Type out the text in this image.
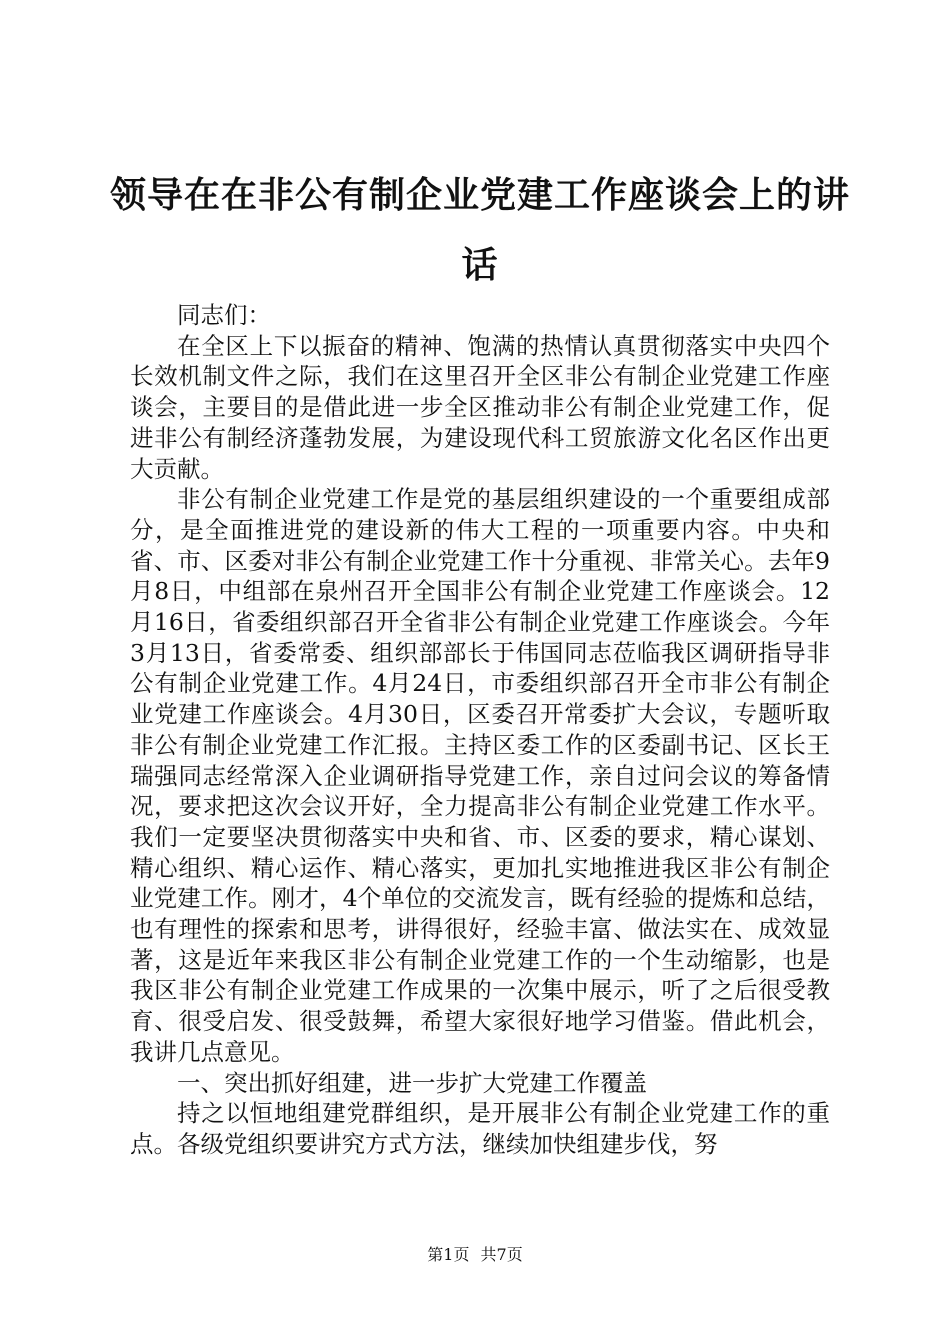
领导在在非公有制企业党建工作座谈会上的讲话

同志们：

在全区上下以振奋的精神、饱满的热情认真贯彻落实中央四个长效机制文件之际，我们在这里召开全区非公有制企业党建工作座谈会，主要目的是借此进一步全区推动非公有制企业党建工作，促进非公有制经济蓬勃发展，为建设现代科工贸旅游文化名区作出更大贡献。

非公有制企业党建工作是党的基层组织建设的一个重要组成部分，是全面推进党的建设新的伟大工程的一项重要内容。中央和省、市、区委对非公有制企业党建工作十分重视、非常关心。去年9月8日，中组部在泉州召开全国非公有制企业党建工作座谈会。12月16日，省委组织部召开全省非公有制企业党建工作座谈会。今年3月13日，省委常委、组织部部长于伟国同志莅临我区调研指导非公有制企业党建工作。4月24日，市委组织部召开全市非公有制企业党建工作座谈会。4月30日，区委召开常委扩大会议，专题听取非公有制企业党建工作汇报。主持区委工作的区委副书记、区长王瑞强同志经常深入企业调研指导党建工作，亲自过问会议的筹备情况，要求把这次会议开好，全力提高非公有制企业党建工作水平。我们一定要坚决贯彻落实中央和省、市、区委的要求，精心谋划、精心组织、精心运作、精心落实，更加扎实地推进我区非公有制企业党建工作。刚才，4个单位的交流发言，既有经验的提炼和总结，也有理性的探索和思考，讲得很好，经验丰富、做法实在、成效显著，这是近年来我区非公有制企业党建工作的一个生动缩影，也是我区非公有制企业党建工作成果的一次集中展示，听了之后很受教育、很受启发、很受鼓舞，希望大家很好地学习借鉴。借此机会，我讲几点意见。

一、突出抓好组建，进一步扩大党建工作覆盖

持之以恒地组建党群组织，是开展非公有制企业党建工作的重点。各级党组织要讲究方式方法，继续加快组建步伐，努

第1页 共7页
